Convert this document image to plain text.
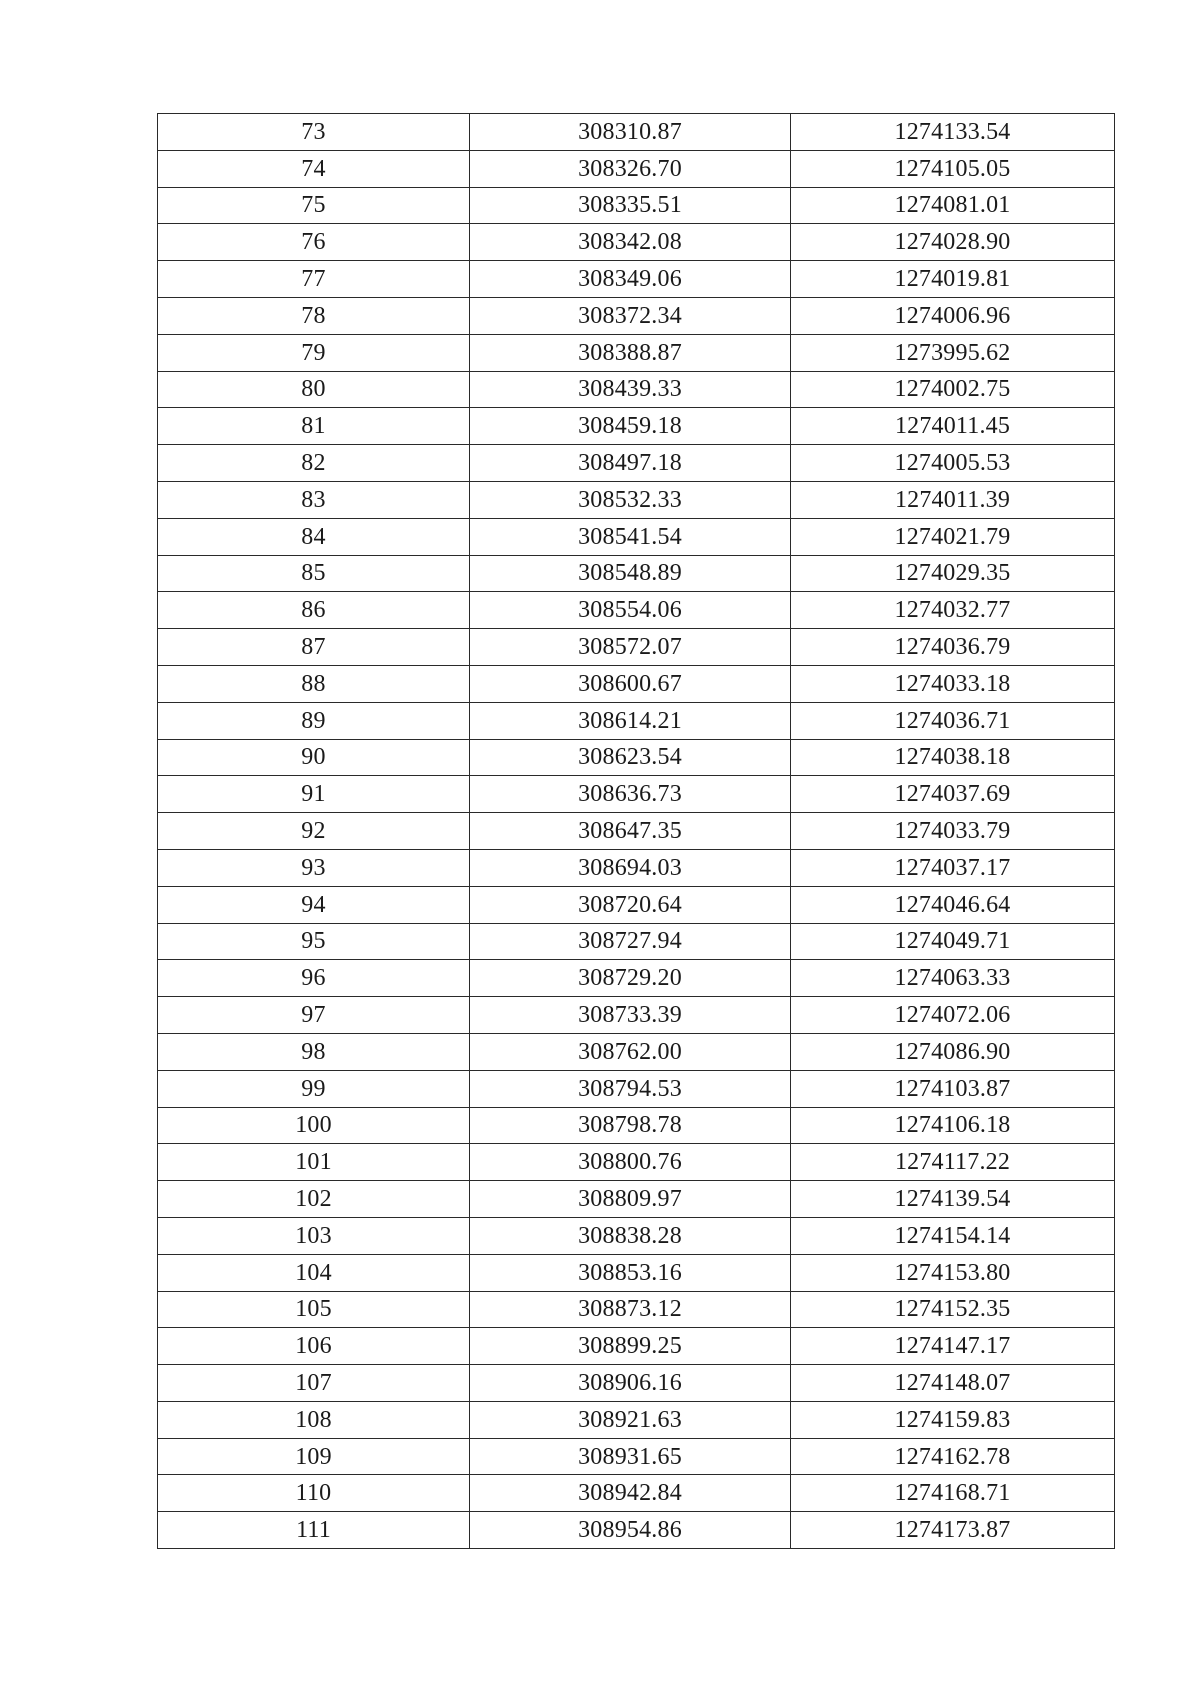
73	308310.87	1274133.54
74	308326.70	1274105.05
75	308335.51	1274081.01
76	308342.08	1274028.90
77	308349.06	1274019.81
78	308372.34	1274006.96
79	308388.87	1273995.62
80	308439.33	1274002.75
81	308459.18	1274011.45
82	308497.18	1274005.53
83	308532.33	1274011.39
84	308541.54	1274021.79
85	308548.89	1274029.35
86	308554.06	1274032.77
87	308572.07	1274036.79
88	308600.67	1274033.18
89	308614.21	1274036.71
90	308623.54	1274038.18
91	308636.73	1274037.69
92	308647.35	1274033.79
93	308694.03	1274037.17
94	308720.64	1274046.64
95	308727.94	1274049.71
96	308729.20	1274063.33
97	308733.39	1274072.06
98	308762.00	1274086.90
99	308794.53	1274103.87
100	308798.78	1274106.18
101	308800.76	1274117.22
102	308809.97	1274139.54
103	308838.28	1274154.14
104	308853.16	1274153.80
105	308873.12	1274152.35
106	308899.25	1274147.17
107	308906.16	1274148.07
108	308921.63	1274159.83
109	308931.65	1274162.78
110	308942.84	1274168.71
111	308954.86	1274173.87
